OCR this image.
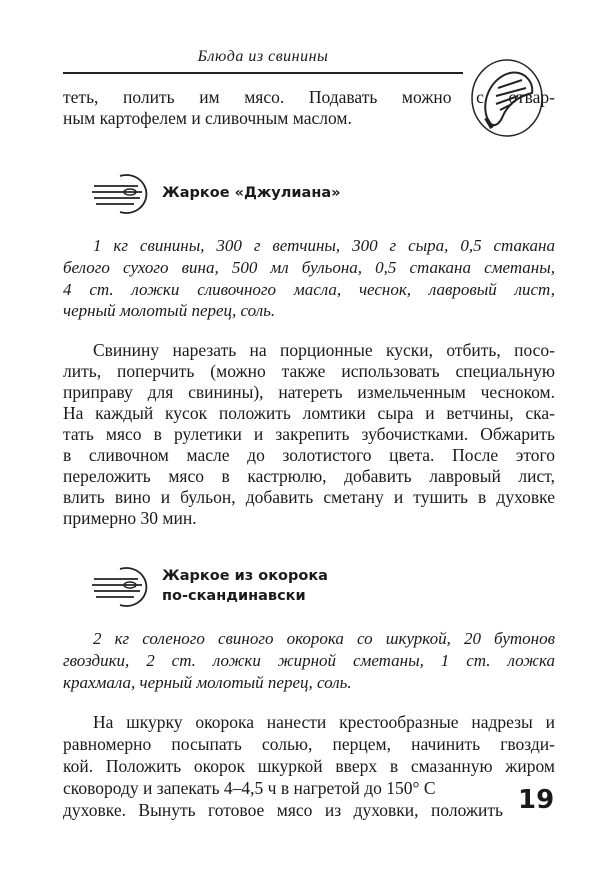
Блюда из свинины
теть, полить им мясо. Подавать можно с отвар-
ным картофелем и сливочным маслом.
Жаркое «Джулиана»
1 кг свинины, 300 г ветчины, 300 г сыра, 0,5 стакана
белого сухого вина, 500 мл бульона, 0,5 стакана сметаны,
4 ст. ложки сливочного масла, чеснок, лавровый лист,
черный молотый перец, соль.
Свинину нарезать на порционные куски, отбить, посо-
лить, поперчить (можно также использовать специальную
приправу для свинины), натереть измельченным чесноком.
На каждый кусок положить ломтики сыра и ветчины, ска-
тать мясо в рулетики и закрепить зубочистками. Обжарить
в сливочном масле до золотистого цвета. После этого
переложить мясо в кастрюлю, добавить лавровый лист,
влить вино и бульон, добавить сметану и тушить в духовке
примерно 30 мин.
Жаркое из окорока
по-скандинавски
2 кг соленого свиного окорока со шкуркой, 20 бутонов
гвоздики, 2 ст. ложки жирной сметаны, 1 ст. ложка
крахмала, черный молотый перец, соль.
На шкурку окорока нанести крестообразные надрезы и
равномерно посыпать солью, перцем, начинить гвозди-
кой. Положить окорок шкуркой вверх в смазанную жиром
сковороду и запекать 4–4,5 ч в нагретой до 150° С
духовке. Вынуть готовое мясо из духовки, положить 19
